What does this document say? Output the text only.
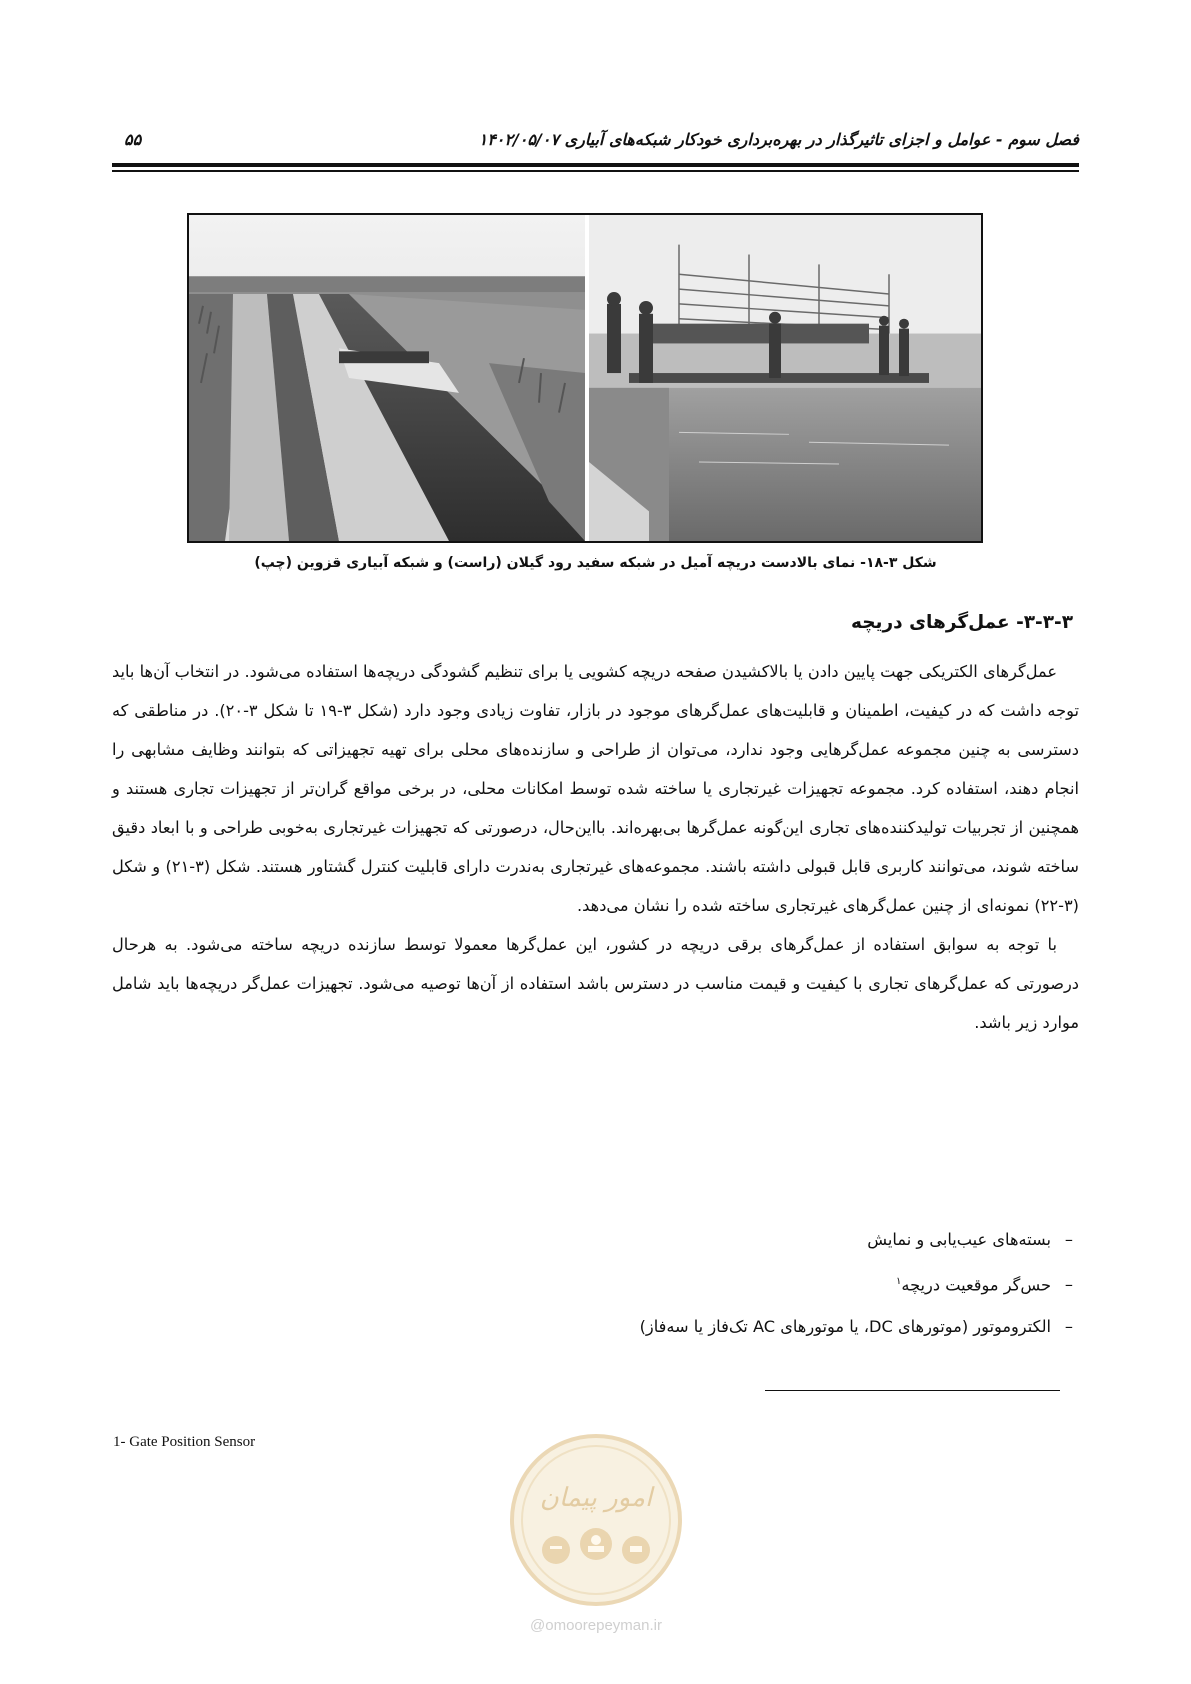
فصل سوم - عوامل و اجزای تاثیرگذار در بهره‌برداری خودکار شبکه‌های آبیاری ۱۴۰۲/۰۵/۰۷
۵۵
شکل ۳-۱۸- نمای بالادست دریچه آمیل در شبکه سفید رود گیلان (راست) و شبکه آبیاری قزوین (چپ)
۳-۳-۳- عمل‌گرهای دریچه

عمل‌گرهای الکتریکی جهت پایین دادن یا بالاکشیدن صفحه دریچه کشویی یا برای تنظیم گشودگی دریچه‌ها استفاده می‌شود. در انتخاب آن‌ها باید توجه داشت که در کیفیت، اطمینان و قابلیت‌های عمل‌گرهای موجود در بازار، تفاوت زیادی وجود دارد (شکل ۳-۱۹ تا شکل ۳-۲۰). در مناطقی که دسترسی به چنین مجموعه عمل‌گرهایی وجود ندارد، می‌توان از طراحی و سازنده‌های محلی برای تهیه تجهیزاتی که بتوانند وظایف مشابهی را انجام دهند، استفاده کرد. مجموعه تجهیزات غیرتجاری یا ساخته شده توسط امکانات محلی، در برخی مواقع گران‌تر از تجهیزات تجاری هستند و همچنین از تجربیات تولیدکننده‌های تجاری این‌گونه عمل‌گرها بی‌بهره‌اند. بااین‌حال، درصورتی که تجهیزات غیرتجاری به‌خوبی طراحی و با ابعاد دقیق ساخته شوند، می‌توانند کاربری قابل قبولی داشته باشند. مجموعه‌های غیرتجاری به‌ندرت دارای قابلیت کنترل گشتاور هستند. شکل (۳-۲۱) و شکل (۳-۲۲) نمونه‌ای از چنین عمل‌گرهای غیرتجاری ساخته شده را نشان می‌دهد.

با توجه به سوابق استفاده از عمل‌گرهای برقی دریچه در کشور، این عمل‌گرها معمولا توسط سازنده دریچه ساخته می‌شود. به هرحال درصورتی که عمل‌گرهای تجاری با کیفیت و قیمت مناسب در دسترس باشد استفاده از آن‌ها توصیه می‌شود. تجهیزات عمل‌گر دریچه‌ها باید شامل موارد زیر باشد.

–بسته‌های عیب‌یابی و نمایش
–حس‌گر موقعیت دریچه$^۱$
–الکتروموتور (موتورهای DC، یا موتورهای AC تک‌فاز یا سه‌فاز)
1- Gate Position Sensor
امور پیمان
@omoorepeyman.ir
